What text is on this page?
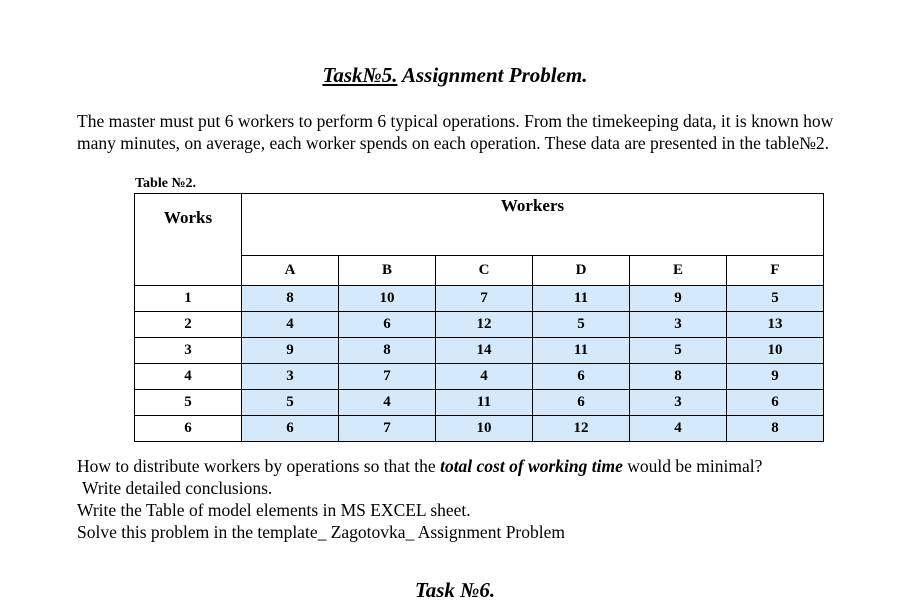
Task№5. Assignment Problem.
The master must put 6 workers to perform 6 typical operations. From the timekeeping data, it is known how many minutes, on average, each worker spends on each operation. These data are presented in the table№2.
Table №2.
Works	Workers					
	A	B	C	D	E	F
1	8	10	7	11	9	5
2	4	6	12	5	3	13
3	9	8	14	11	5	10
4	3	7	4	6	8	9
5	5	4	11	6	3	6
6	6	7	10	12	4	8

How to distribute workers by operations so that the total cost of working time would be minimal?

Write detailed conclusions.

Write the Table of model elements in MS EXCEL sheet.

Solve this problem in the template_ Zagotovka_ Assignment Problem

Task №6.
